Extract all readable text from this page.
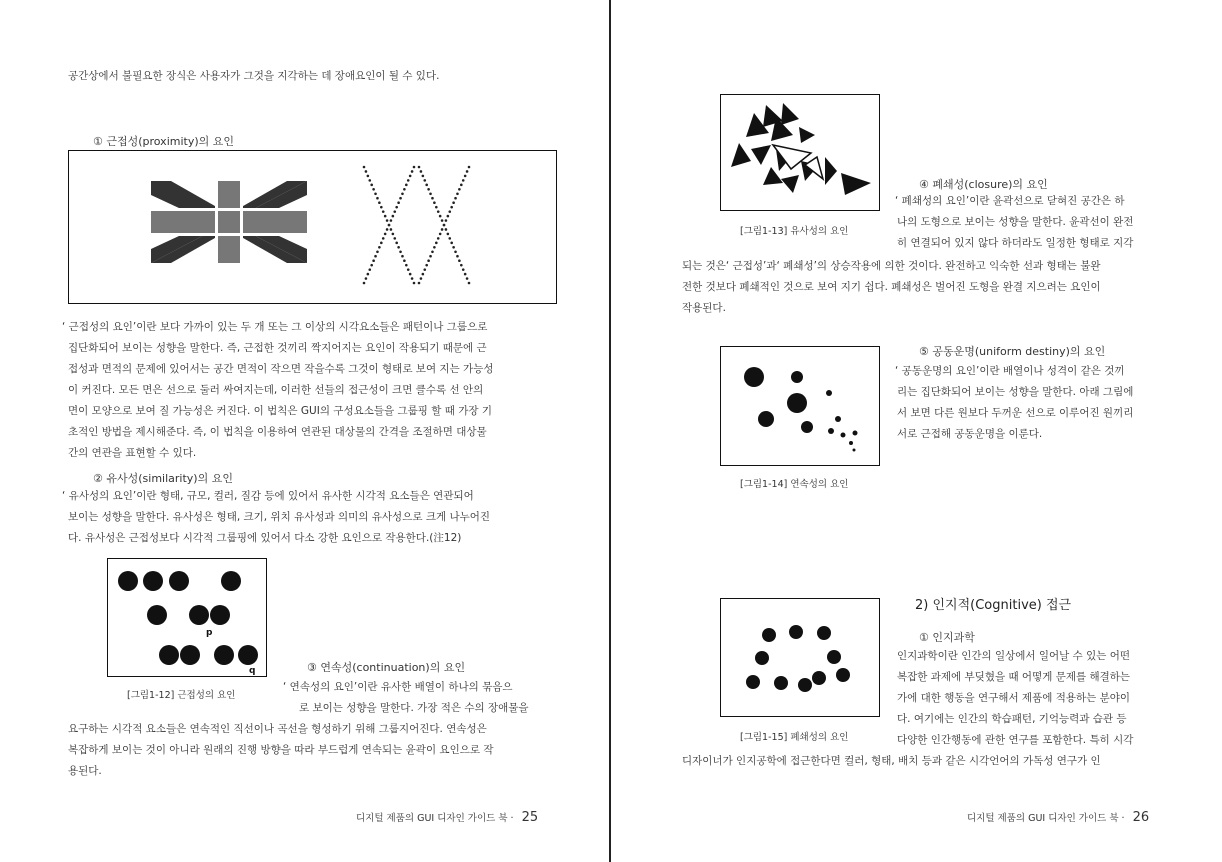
공간상에서 불필요한 장식은 사용자가 그것을 지각하는 데 장애요인이 될 수 있다.
① 근접성(proximity)의 요인
‘ 근접성의 요인’이란 보다 가까이 있는 두 개 또는 그 이상의 시각요소들은 패턴이나 그룹으로
집단화되어 보이는 성향을 말한다. 즉, 근접한 것끼리 짝지어지는 요인이 작용되기 때문에 근
접성과 면적의 문제에 있어서는 공간 면적이 작으면 작을수록 그것이 형태로 보여 지는 가능성
이 커진다. 모든 면은 선으로 둘러 싸여지는데, 이러한 선들의 접근성이 크면 클수록 선 안의
면이 모양으로 보여 질 가능성은 커진다. 이 법칙은 GUI의 구성요소들을 그룹핑 할 때 가장 기
초적인 방법을 제시해준다. 즉, 이 법칙을 이용하여 연관된 대상물의 간격을 조절하면 대상물
간의 연관을 표현할 수 있다.
② 유사성(similarity)의 요인
‘ 유사성의 요인’이란 형태, 규모, 컬러, 질감 등에 있어서 유사한 시각적 요소들은 연관되어
보이는 성향을 말한다. 유사성은 형태, 크기, 위치 유사성과 의미의 유사성으로 크게 나누어진
다. 유사성은 근접성보다 시각적 그룹핑에 있어서 다소 강한 요인으로 작용한다.(注12)
p
q
[그림1-12] 근접성의 요인
③ 연속성(continuation)의 요인
‘ 연속성의 요인’이란 유사한 배열이 하나의 묶음으
로 보이는 성향을 말한다. 가장 적은 수의 장애물을
요구하는 시각적 요소들은 연속적인 직선이나 곡선을 형성하기 위해 그룹지어진다. 연속성은
복잡하게 보이는 것이 아니라 원래의 진행 방향을 따라 부드럽게 연속되는 윤곽이 요인으로 작
용된다.
디지털 제품의 GUI 디자인 가이드 북 · 25
[그림1-13] 유사성의 요인
④ 폐쇄성(closure)의 요인
‘ 폐쇄성의 요인’이란 윤곽선으로 닫혀진 공간은 하
나의 도형으로 보이는 성향을 말한다. 윤곽선이 완전
히 연결되어 있지 않다 하더라도 일정한 형태로 지각
되는 것은‘ 근접성’과‘ 폐쇄성’의 상승작용에 의한 것이다. 완전하고 익숙한 선과 형태는 불완
전한 것보다 폐쇄적인 것으로 보여 지기 쉽다. 폐쇄성은 벌어진 도형을 완결 지으려는 요인이
작용된다.
[그림1-14] 연속성의 요인
⑤ 공동운명(uniform destiny)의 요인
‘ 공동운명의 요인’이란 배열이나 성격이 같은 것끼
리는 집단화되어 보이는 성향을 말한다. 아래 그림에
서 보면 다른 원보다 두꺼운 선으로 이루어진 원끼리
서로 근접해 공동운명을 이룬다.
2) 인지적(Cognitive) 접근
① 인지과학
[그림1-15] 폐쇄성의 요인
인지과학이란 인간의 일상에서 일어날 수 있는 어떤
복잡한 과제에 부딪혔을 때 어떻게 문제를 해결하는
가에 대한 행동을 연구해서 제품에 적용하는 분야이
다. 여기에는 인간의 학습패턴, 기억능력과 습관 등
다양한 인간행동에 관한 연구를 포함한다. 특히 시각
디자이너가 인지공학에 접근한다면 컬러, 형태, 배치 등과 같은 시각언어의 가독성 연구가 인
디지털 제품의 GUI 디자인 가이드 북 · 26
